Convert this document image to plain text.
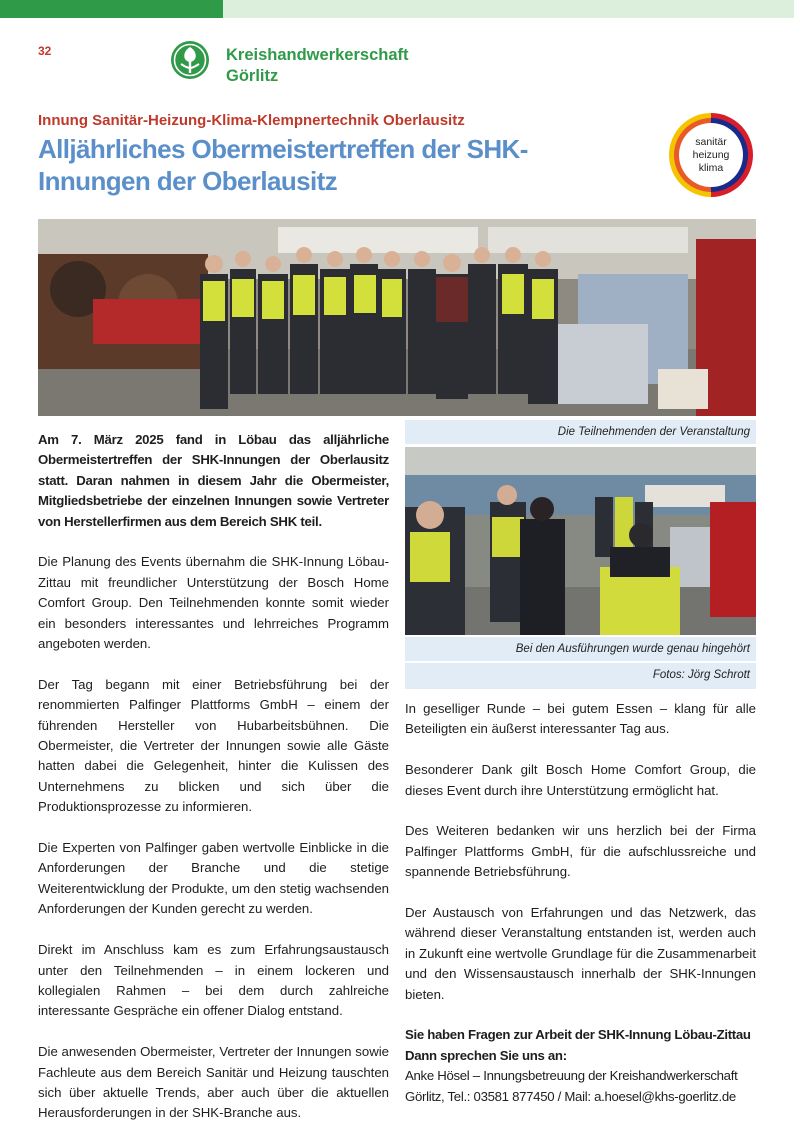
32	Kreishandwerkerschaft
Görlitz
Innung Sanitär-Heizung-Klima-Klempnertechnik Oberlausitz
Alljährliches Obermeistertreffen der SHK-
Innungen der Oberlausitz
sanitär
heizung
klima
Die Teilnehmenden der Veranstaltung
Bei den Ausführungen wurde genau hingehört
Fotos: Jörg Schrott

Am 7. März 2025 fand in Löbau das alljährliche Obermeistertreffen der SHK-Innungen der Oberlausitz statt. Daran nahmen in diesem Jahr die Obermeister, Mitgliedsbetriebe der einzelnen Innungen sowie Vertreter von Herstellerfirmen aus dem Bereich SHK teil.

Die Planung des Events übernahm die SHK-Innung Löbau-Zittau mit freundlicher Unterstützung der Bosch Home Comfort Group. Den Teilnehmenden konnte somit wieder ein besonders interessantes und lehrreiches Programm angeboten werden.

Der Tag begann mit einer Betriebsführung bei der renommierten Palfinger Plattforms GmbH – einem der führenden Hersteller von Hubarbeitsbühnen. Die Obermeister, die Vertreter der Innungen sowie alle Gäste hatten dabei die Gelegenheit, hinter die Kulissen des Unternehmens zu blicken und sich über die Produktionsprozesse zu informieren.

Die Experten von Palfinger gaben wertvolle Einblicke in die Anforderungen der Branche und die stetige Weiterentwicklung der Produkte, um den stetig wachsenden Anforderungen der Kunden gerecht zu werden.

Direkt im Anschluss kam es zum Erfahrungsaustausch unter den Teilnehmenden – in einem lockeren und kollegialen Rahmen – bei dem durch zahlreiche interessante Gespräche ein offener Dialog entstand.

Die anwesenden Obermeister, Vertreter der Innungen sowie Fachleute aus dem Bereich Sanitär und Heizung tauschten sich über aktuelle Trends, aber auch über die aktuellen Herausforderungen in der SHK-Branche aus.

In geselliger Runde – bei gutem Essen – klang für alle Beteiligten ein äußerst interessanter Tag aus.

Besonderer Dank gilt Bosch Home Comfort Group, die dieses Event durch ihre Unterstützung ermöglicht hat.

Des Weiteren bedanken wir uns herzlich bei der Firma Palfinger Plattforms GmbH, für die aufschlussreiche und spannende Betriebsführung.

Der Austausch von Erfahrungen und das Netzwerk, das während dieser Veranstaltung entstanden ist, werden auch in Zukunft eine wertvolle Grundlage für die Zusammenarbeit und den Wissensaustausch innerhalb der SHK-Innungen bieten.

Sie haben Fragen zur Arbeit der SHK-Innung Löbau-Zittau
Dann sprechen Sie uns an:
Anke Hösel – Innungsbetreuung der Kreishandwerkerschaft
Görlitz, Tel.: 03581 877450 / Mail: a.hoesel@khs-goerlitz.de
